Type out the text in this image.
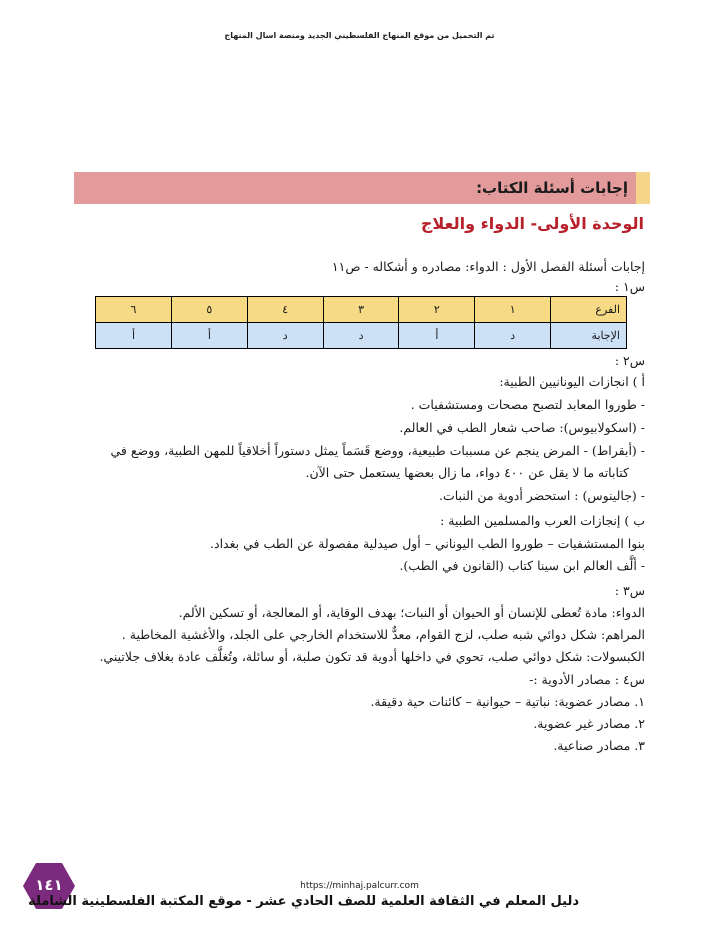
تم التحميل من موقع المنهاج الفلسطيني الجديد ومنصة اسال المنهاج
إجابات أسئلة الكتاب:
الوحدة الأولى- الدواء والعلاج
إجابات أسئلة الفصل الأول : الدواء: مصادره و أشكاله - ص١١
س١ :
الفرع	١	٢	٣	٤	٥	٦
الإجابة	د	أ	د	د	أ	أ
س٢ :
أ ) انجازات اليونانيين الطبية:
- طوروا المعابد لتصبح مصحات ومستشفيات .
- (اسكولابيوس): صاحب شعار الطب في العالم.
- (أبقراط) - المرض ينجم عن مسببات طبيعية، ووضع قَسَماً يمثل دستوراً أخلاقياً للمهن الطبية، ووضع في
كتاباته ما لا يقل عن ٤٠٠ دواء، ما زال بعضها يستعمل حتى الآن.
- (جالينوس) : استحضر أدوية من النبات.
ب ) إنجازات العرب والمسلمين الطبية :
بنوا المستشفيات – طوروا الطب اليوناني – أول صيدلية مفصولة عن الطب في بغداد.
- ألَّف العالم ابن سينا كتاب (القانون في الطب).
س٣ :
الدواء: مادة تُعطى للإنسان أو الحيوان أو النبات؛ بهدف الوقاية، أو المعالجة، أو تسكين الألم.
المراهم: شكل دوائي شبه صلب، لزج القوام، معدٌّ للاستخدام الخارجي على الجلد، والأغشية المخاطية .
الكبسولات: شكل دوائي صلب، تحوي في داخلها أدوية قد تكون صلبة، أو سائلة، وتُغلَّف عادة بغلاف جلاتيني.
س٤ : مصادر الأدوية :-
١. مصادر عضوية: نباتية – حيوانية – كائنات حية دقيقة.
٢. مصادر غير عضوية.
٣. مصادر صناعية.
١٤١	https://minhaj.palcurr.com
دليل المعلم في الثقافة العلمية للصف الحادي عشر - موقع المكتبة الفلسطينية الشاملة
